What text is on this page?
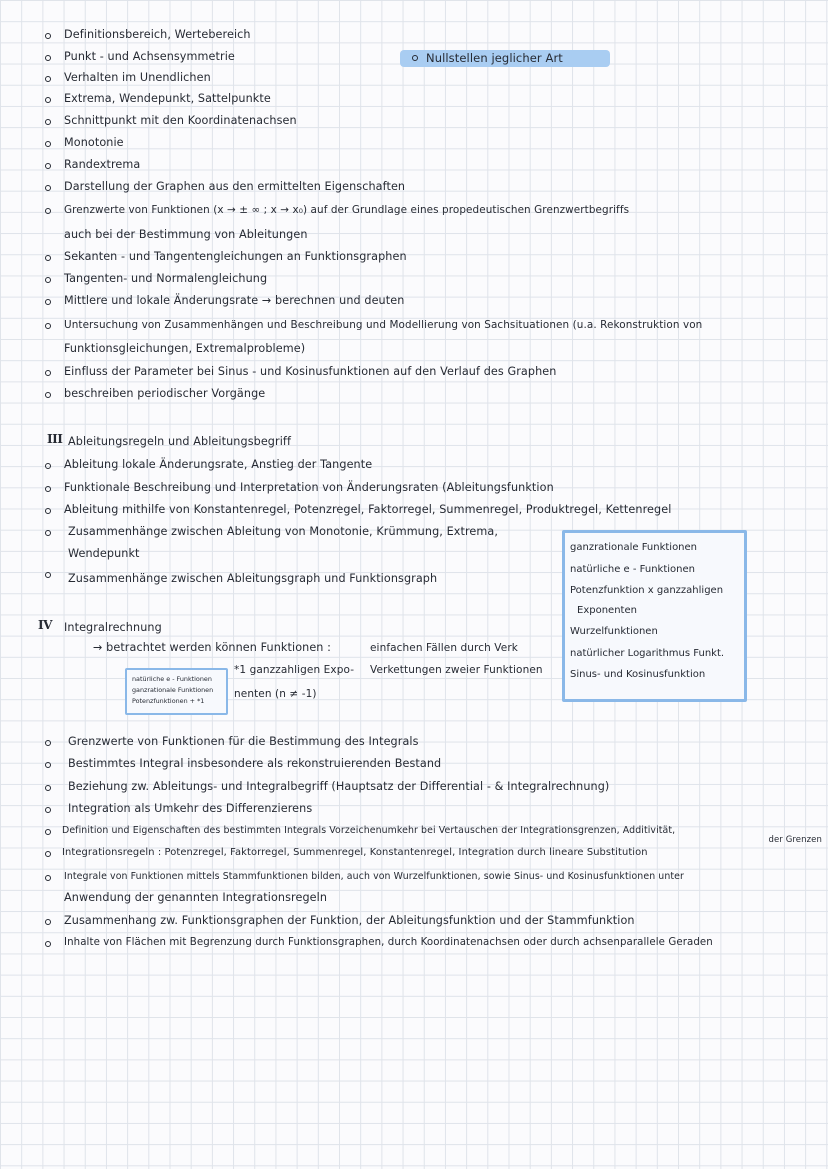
Nullstellen jeglicher Art
Definitionsbereich, Wertebereich
Punkt - und Achsensymmetrie
Verhalten im Unendlichen
Extrema, Wendepunkt, Sattelpunkte
Schnittpunkt mit den Koordinatenachsen
Monotonie
Randextrema
Darstellung der Graphen aus den ermittelten Eigenschaften
Grenzwerte von Funktionen (x → ± ∞ ; x → x₀) auf der Grundlage eines propedeutischen Grenzwertbegriffs
auch bei der Bestimmung von Ableitungen
Sekanten - und Tangentengleichungen an Funktionsgraphen
Tangenten- und Normalengleichung
Mittlere und lokale Änderungsrate → berechnen und deuten
Untersuchung von Zusammenhängen und Beschreibung und Modellierung von Sachsituationen (u.a. Rekonstruktion von
Funktionsgleichungen, Extremalprobleme)
Einfluss der Parameter bei Sinus - und Kosinusfunktionen auf den Verlauf des Graphen
beschreiben periodischer Vorgänge
III Ableitungsregeln und Ableitungsbegriff
Ableitung lokale Änderungsrate, Anstieg der Tangente
Funktionale Beschreibung und Interpretation von Änderungsraten (Ableitungsfunktion
Ableitung mithilfe von Konstantenregel, Potenzregel, Faktorregel, Summenregel, Produktregel, Kettenregel
Zusammenhänge zwischen Ableitung von Monotonie, Krümmung, Extrema,
Wendepunkt
Zusammenhänge zwischen Ableitungsgraph und Funktionsgraph
ganzrationale Funktionen
natürliche e - Funktionen
Potenzfunktion x ganzzahligen
Exponenten
Wurzelfunktionen
natürlicher Logarithmus Funkt.
Sinus- und Kosinusfunktion
IV Integralrechnung
→ betrachtet werden können Funktionen :	einfachen Fällen durch Verk
Verkettungen zweier Funktionen
*1 ganzzahligen Expo-
nenten (n ≠ -1)
natürliche e - Funktionen
ganzrationale Funktionen
Potenzfunktionen + *1
Grenzwerte von Funktionen für die Bestimmung des Integrals
Bestimmtes Integral insbesondere als rekonstruierenden Bestand
Beziehung zw. Ableitungs- und Integralbegriff (Hauptsatz der Differential - & Integralrechnung)
Integration als Umkehr des Differenzierens
Definition und Eigenschaften des bestimmten Integrals Vorzeichenumkehr bei Vertauschen der Integrationsgrenzen, Additivität,
Integrationsregeln : Potenzregel, Faktorregel, Summenregel, Konstantenregel, Integration durch lineare Substitution
der Grenzen
Integrale von Funktionen mittels Stammfunktionen bilden, auch von Wurzelfunktionen, sowie Sinus- und Kosinusfunktionen unter
Anwendung der genannten Integrationsregeln
Zusammenhang zw. Funktionsgraphen der Funktion, der Ableitungsfunktion und der Stammfunktion
Inhalte von Flächen mit Begrenzung durch Funktionsgraphen, durch Koordinatenachsen oder durch achsenparallele Geraden
